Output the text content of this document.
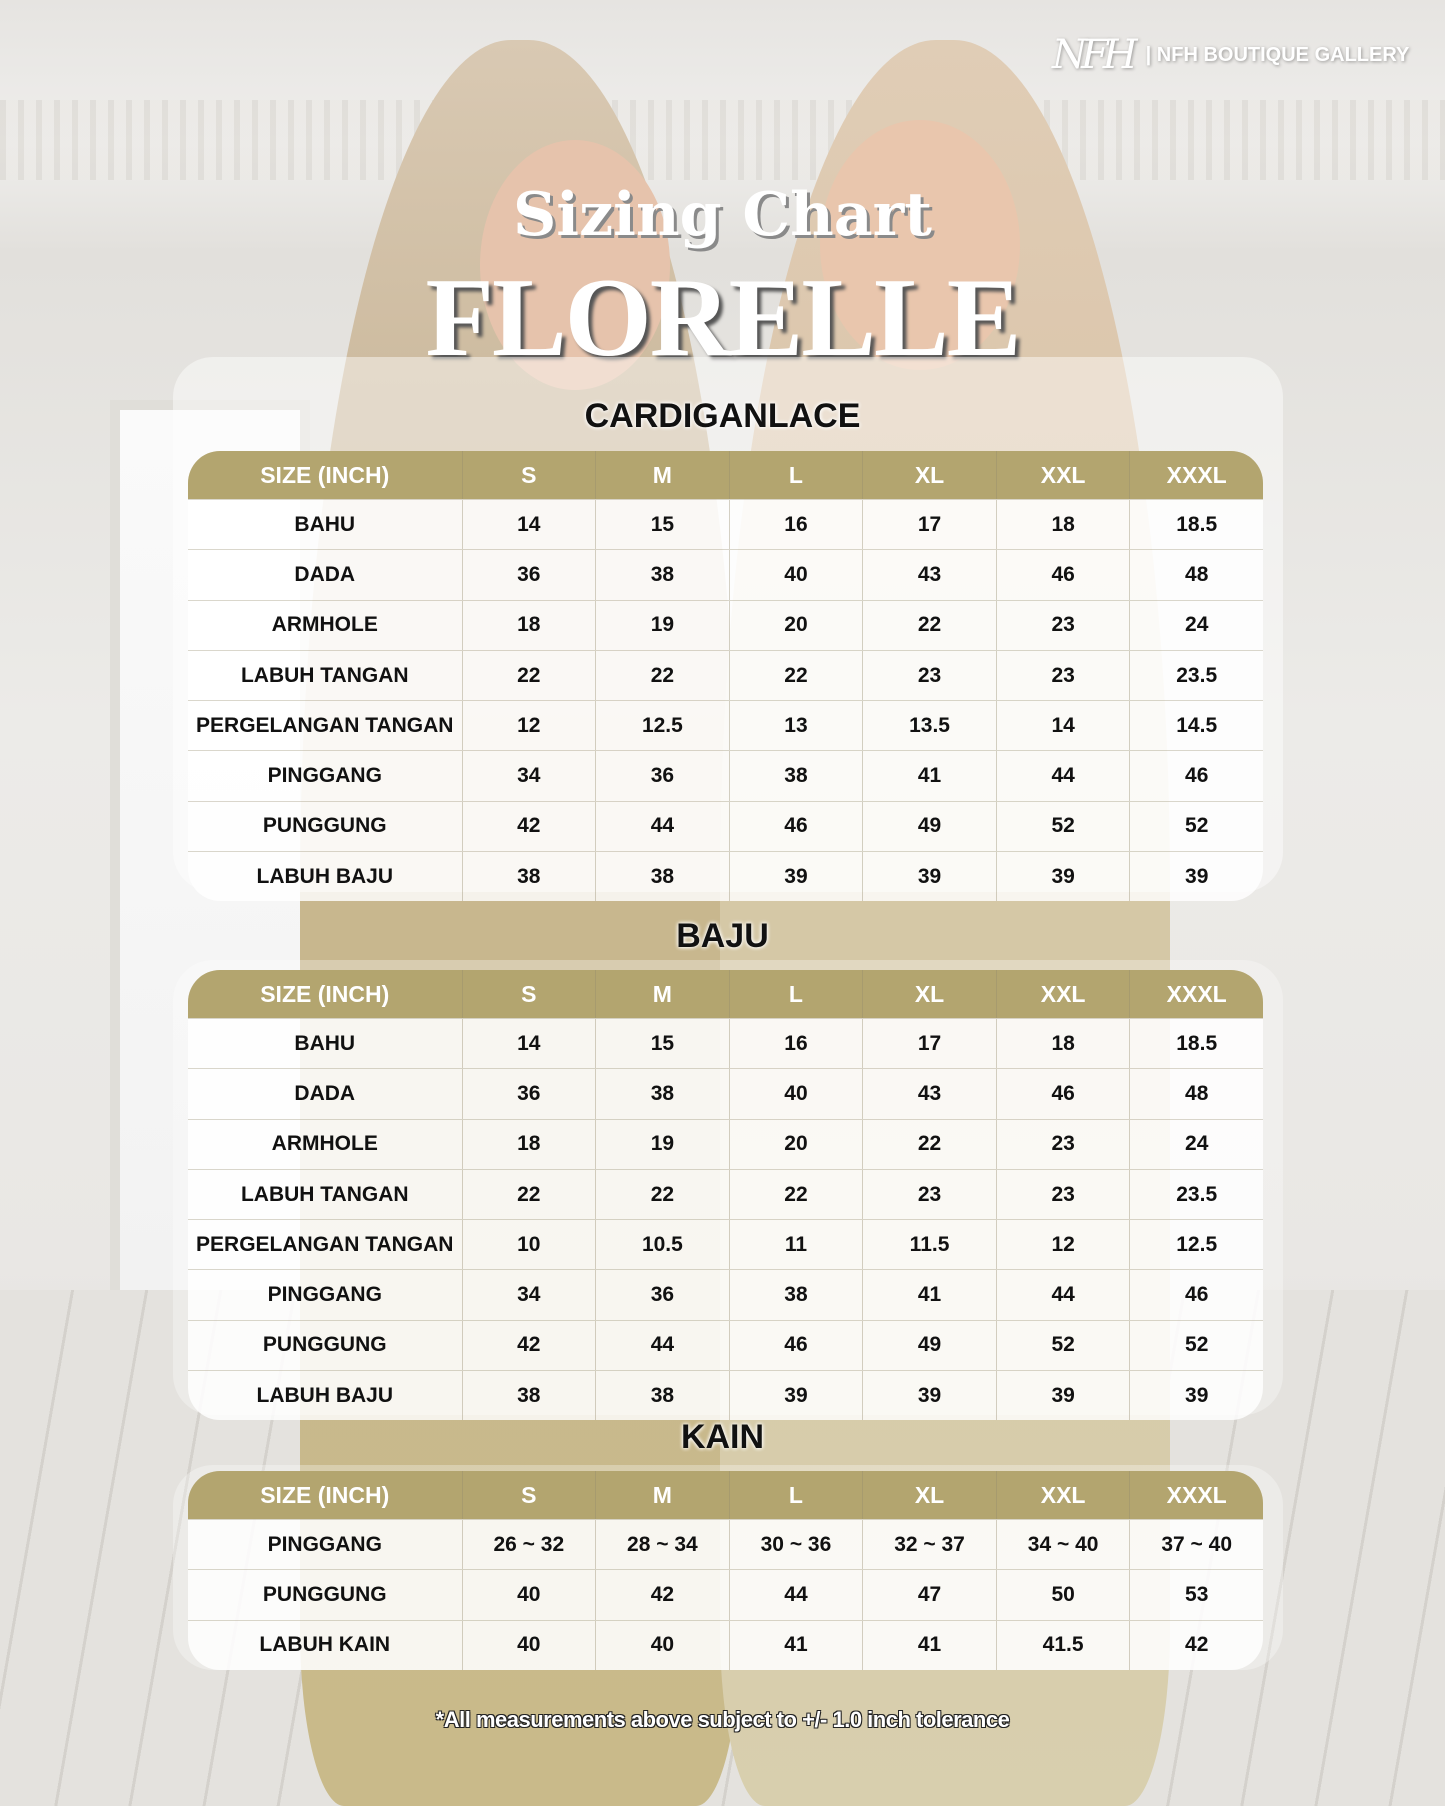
NFH | NFH BOUTIQUE GALLERY
Sizing Chart
FLORELLE
CARDIGANLACE
SIZE (INCH)	S	M	L	XL	XXL	XXXL
BAHU	14	15	16	17	18	18.5
DADA	36	38	40	43	46	48
ARMHOLE	18	19	20	22	23	24
LABUH TANGAN	22	22	22	23	23	23.5
PERGELANGAN TANGAN	12	12.5	13	13.5	14	14.5
PINGGANG	34	36	38	41	44	46
PUNGGUNG	42	44	46	49	52	52
LABUH BAJU	38	38	39	39	39	39
BAJU
SIZE (INCH)	S	M	L	XL	XXL	XXXL
BAHU	14	15	16	17	18	18.5
DADA	36	38	40	43	46	48
ARMHOLE	18	19	20	22	23	24
LABUH TANGAN	22	22	22	23	23	23.5
PERGELANGAN TANGAN	10	10.5	11	11.5	12	12.5
PINGGANG	34	36	38	41	44	46
PUNGGUNG	42	44	46	49	52	52
LABUH BAJU	38	38	39	39	39	39
KAIN
SIZE (INCH)	S	M	L	XL	XXL	XXXL
PINGGANG	26 ~ 32	28 ~ 34	30 ~ 36	32 ~ 37	34 ~ 40	37 ~ 40
PUNGGUNG	40	42	44	47	50	53
LABUH KAIN	40	40	41	41	41.5	42
*All measurements above subject to +/- 1.0 inch tolerance
